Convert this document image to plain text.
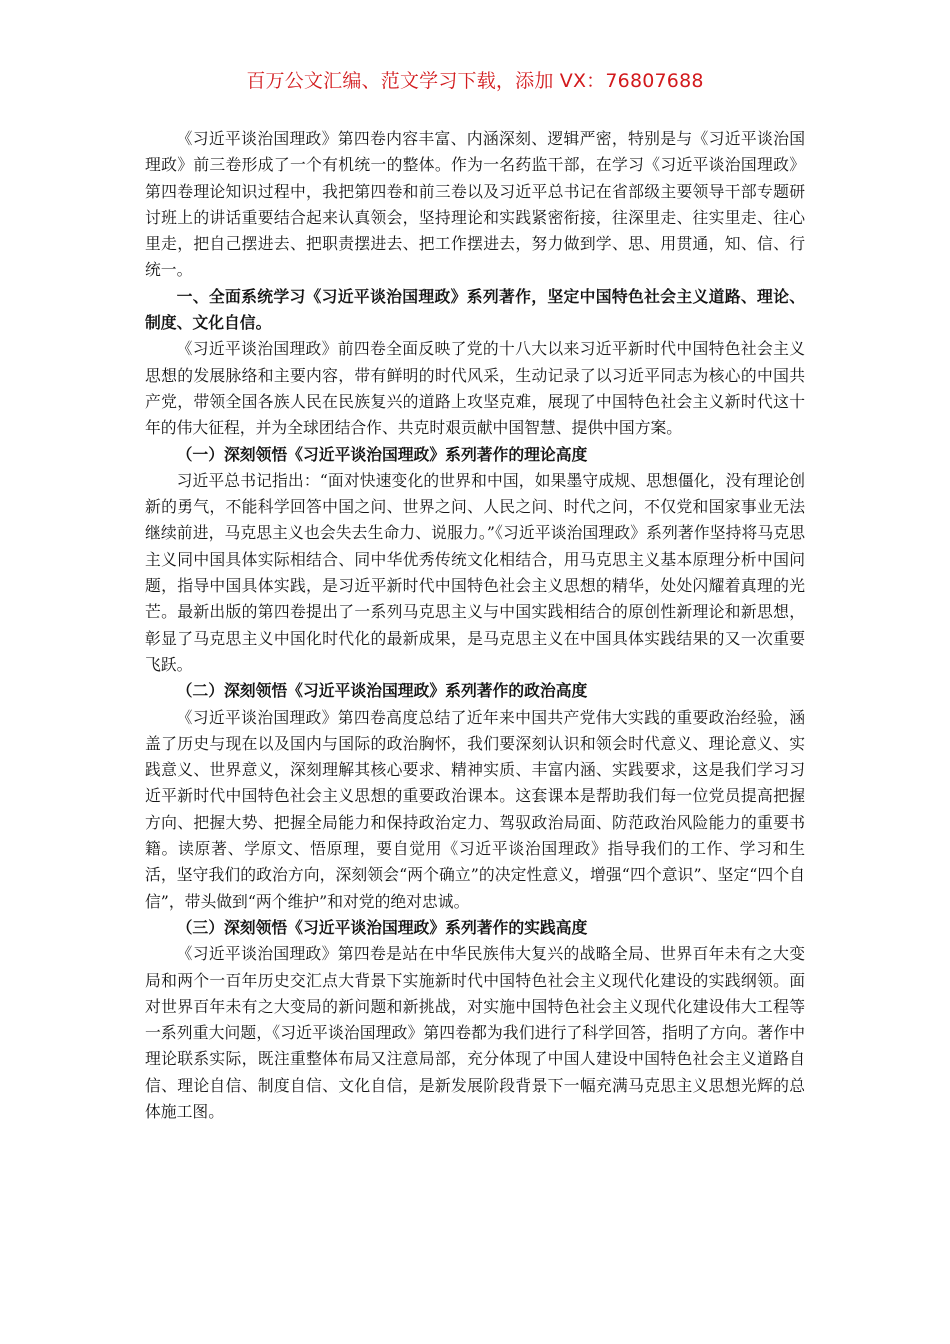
百万公文汇编、范文学习下载，添加 VX：76807688

《习近平谈治国理政》第四卷内容丰富、内涵深刻、逻辑严密，特别是与《习近平谈治国理政》前三卷形成了一个有机统一的整体。作为一名药监干部，在学习《习近平谈治国理政》第四卷理论知识过程中，我把第四卷和前三卷以及习近平总书记在省部级主要领导干部专题研讨班上的讲话重要结合起来认真领会，坚持理论和实践紧密衔接，往深里走、往实里走、往心里走，把自己摆进去、把职责摆进去、把工作摆进去，努力做到学、思、用贯通，知、信、行统一。

一、全面系统学习《习近平谈治国理政》系列著作，坚定中国特色社会主义道路、理论、制度、文化自信。

《习近平谈治国理政》前四卷全面反映了党的十八大以来习近平新时代中国特色社会主义思想的发展脉络和主要内容，带有鲜明的时代风采，生动记录了以习近平同志为核心的中国共产党，带领全国各族人民在民族复兴的道路上攻坚克难，展现了中国特色社会主义新时代这十年的伟大征程，并为全球团结合作、共克时艰贡献中国智慧、提供中国方案。

（一）深刻领悟《习近平谈治国理政》系列著作的理论高度

习近平总书记指出：“面对快速变化的世界和中国，如果墨守成规、思想僵化，没有理论创新的勇气，不能科学回答中国之问、世界之问、人民之问、时代之问，不仅党和国家事业无法继续前进，马克思主义也会失去生命力、说服力。”《习近平谈治国理政》系列著作坚持将马克思主义同中国具体实际相结合、同中华优秀传统文化相结合，用马克思主义基本原理分析中国问题，指导中国具体实践，是习近平新时代中国特色社会主义思想的精华，处处闪耀着真理的光芒。最新出版的第四卷提出了一系列马克思主义与中国实践相结合的原创性新理论和新思想，彰显了马克思主义中国化时代化的最新成果，是马克思主义在中国具体实践结果的又一次重要飞跃。

（二）深刻领悟《习近平谈治国理政》系列著作的政治高度

《习近平谈治国理政》第四卷高度总结了近年来中国共产党伟大实践的重要政治经验，涵盖了历史与现在以及国内与国际的政治胸怀，我们要深刻认识和领会时代意义、理论意义、实践意义、世界意义，深刻理解其核心要求、精神实质、丰富内涵、实践要求，这是我们学习习近平新时代中国特色社会主义思想的重要政治课本。这套课本是帮助我们每一位党员提高把握方向、把握大势、把握全局能力和保持政治定力、驾驭政治局面、防范政治风险能力的重要书籍。读原著、学原文、悟原理，要自觉用《习近平谈治国理政》指导我们的工作、学习和生活，坚守我们的政治方向，深刻领会“两个确立”的决定性意义，增强“四个意识”、坚定“四个自信”，带头做到“两个维护”和对党的绝对忠诚。

（三）深刻领悟《习近平谈治国理政》系列著作的实践高度

《习近平谈治国理政》第四卷是站在中华民族伟大复兴的战略全局、世界百年未有之大变局和两个一百年历史交汇点大背景下实施新时代中国特色社会主义现代化建设的实践纲领。面对世界百年未有之大变局的新问题和新挑战，对实施中国特色社会主义现代化建设伟大工程等一系列重大问题，《习近平谈治国理政》第四卷都为我们进行了科学回答，指明了方向。著作中理论联系实际，既注重整体布局又注意局部，充分体现了中国人建设中国特色社会主义道路自信、理论自信、制度自信、文化自信，是新发展阶段背景下一幅充满马克思主义思想光辉的总体施工图。
